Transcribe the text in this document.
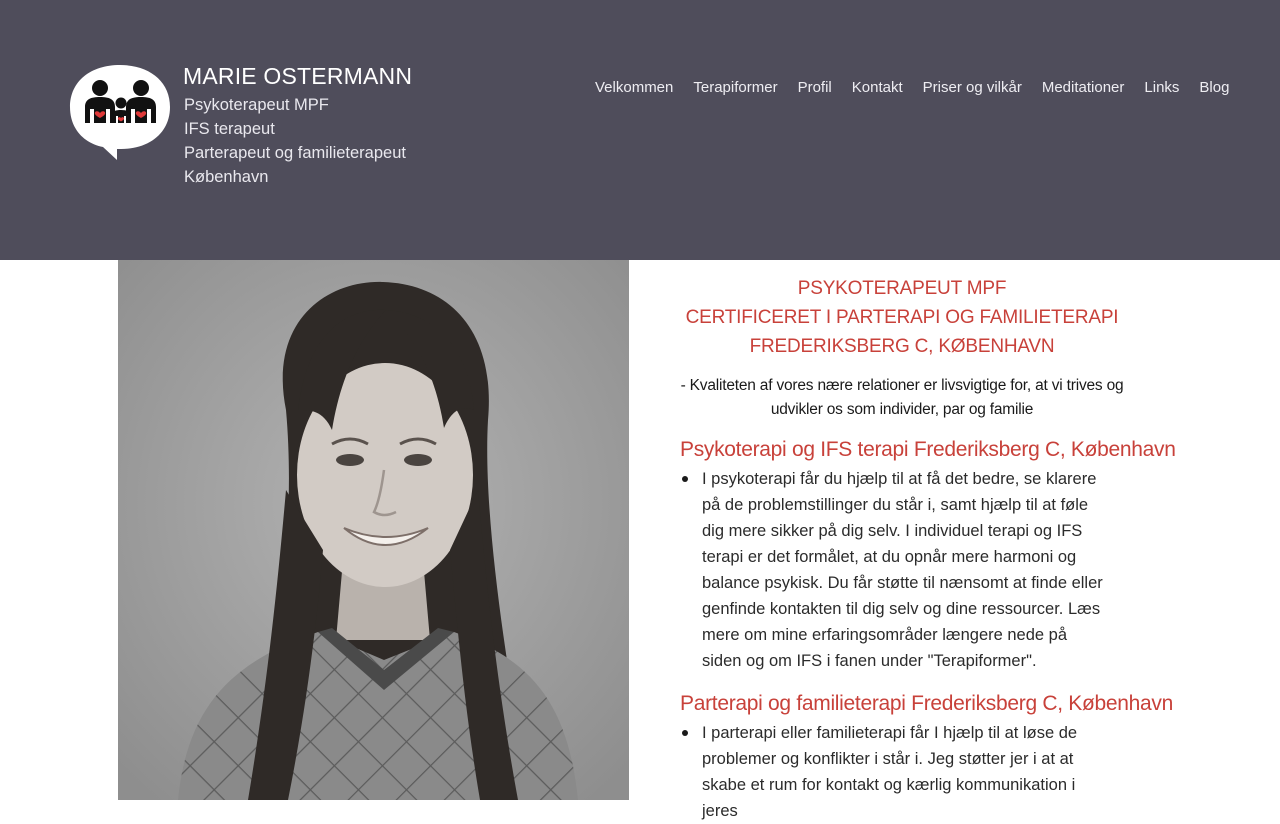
MARIE OSTERMANN
Psykoterapeut MPF
IFS terapeut
Parterapeut og familieterapeut
København
Velkommen	Terapiformer	Profil	Kontakt	Priser og vilkår	Meditationer	Links	Blog
PSYKOTERAPEUT MPF
CERTIFICERET I PARTERAPI OG FAMILIETERAPI
FREDERIKSBERG C, KØBENHAVN
- Kvaliteten af vores nære relationer er livsvigtige for, at vi trives og udvikler os som individer, par og familie
Psykoterapi og IFS terapi Frederiksberg C, København
I psykoterapi får du hjælp til at få det bedre, se klarere på de problemstillinger du står i, samt hjælp til at føle dig mere sikker på dig selv. I individuel terapi og IFS terapi er det formålet, at du opnår mere harmoni og balance psykisk. Du får støtte til nænsomt at finde eller genfinde kontakten til dig selv og dine ressourcer. Læs mere om mine erfaringsområder længere nede på siden og om IFS i fanen under "Terapiformer".
Parterapi og familieterapi Frederiksberg C, København
I parterapi eller familieterapi får I hjælp til at løse de problemer og konflikter i står i. Jeg støtter jer i at at skabe et rum for kontakt og kærlig kommunikation i jeres
